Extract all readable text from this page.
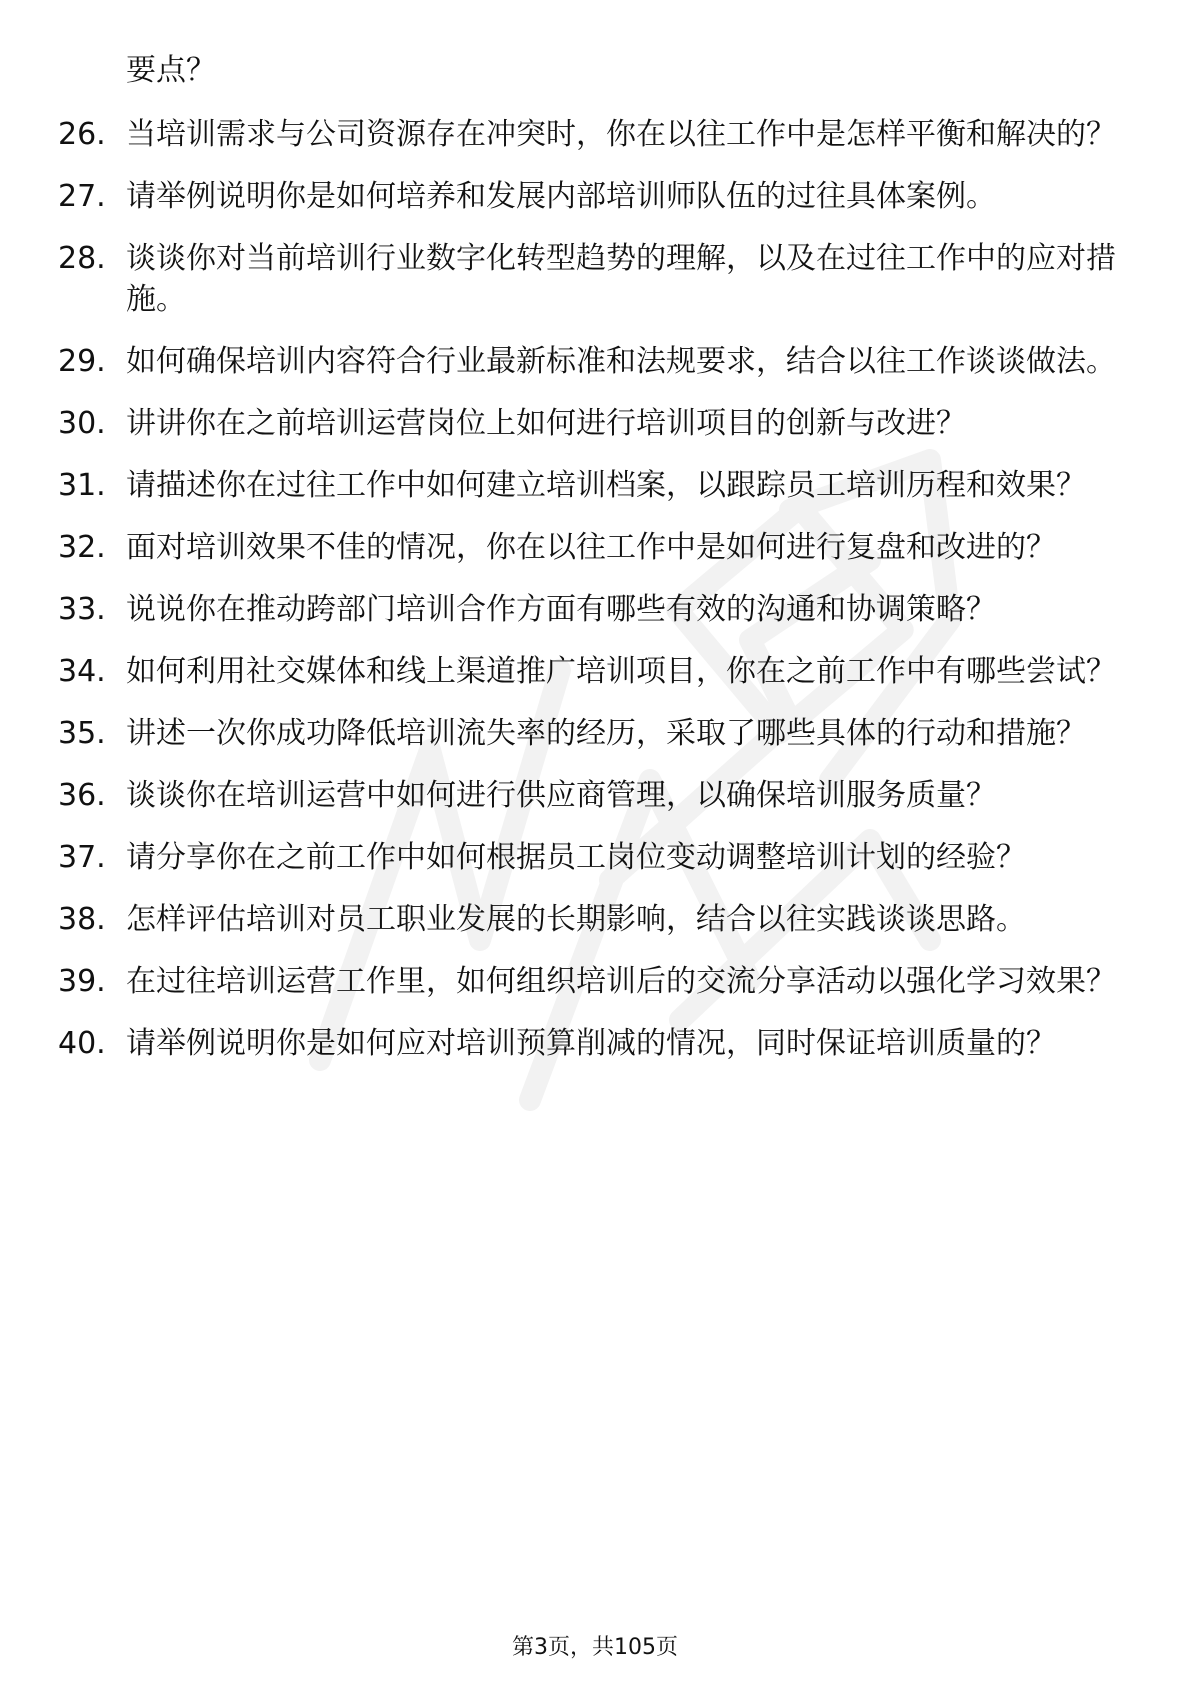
要点？
26. 当培训需求与公司资源存在冲突时，你在以往工作中是怎样平衡和解决的？
27. 请举例说明你是如何培养和发展内部培训师队伍的过往具体案例。
28. 谈谈你对当前培训行业数字化转型趋势的理解，以及在过往工作中的应对措施。
29. 如何确保培训内容符合行业最新标准和法规要求，结合以往工作谈谈做法。
30. 讲讲你在之前培训运营岗位上如何进行培训项目的创新与改进？
31. 请描述你在过往工作中如何建立培训档案，以跟踪员工培训历程和效果？
32. 面对培训效果不佳的情况，你在以往工作中是如何进行复盘和改进的？
33. 说说你在推动跨部门培训合作方面有哪些有效的沟通和协调策略？
34. 如何利用社交媒体和线上渠道推广培训项目，你在之前工作中有哪些尝试？
35. 讲述一次你成功降低培训流失率的经历，采取了哪些具体的行动和措施？
36. 谈谈你在培训运营中如何进行供应商管理，以确保培训服务质量？
37. 请分享你在之前工作中如何根据员工岗位变动调整培训计划的经验？
38. 怎样评估培训对员工职业发展的长期影响，结合以往实践谈谈思路。
39. 在过往培训运营工作里，如何组织培训后的交流分享活动以强化学习效果？
40. 请举例说明你是如何应对培训预算削减的情况，同时保证培训质量的？
第3页，共105页
